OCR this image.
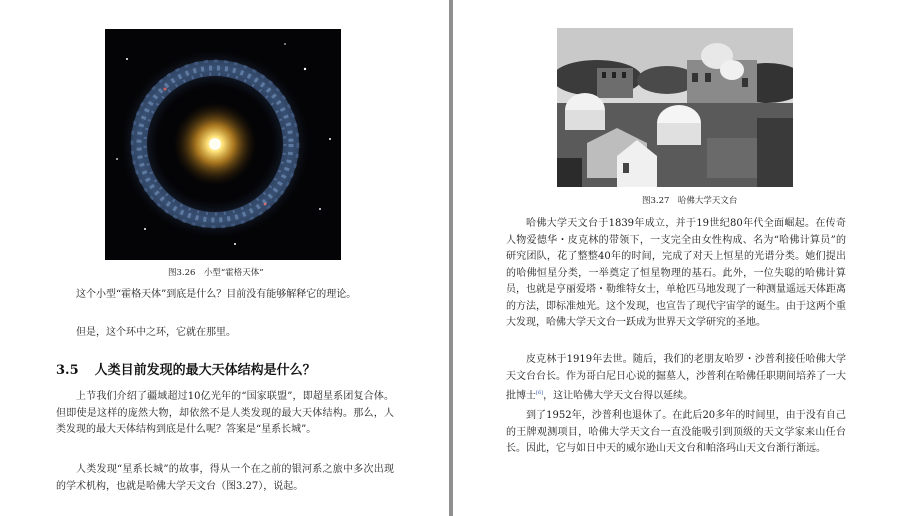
图3.26　小型“霍格天体”

这个小型“霍格天体”到底是什么？目前没有能够解释它的理论。

但是，这个环中之环，它就在那里。

3.5 人类目前发现的最大天体结构是什么？

上节我们介绍了疆域超过10亿光年的“国家联盟”，即超星系团复合体。但即使是这样的庞然大物，却依然不是人类发现的最大天体结构。那么，人类发现的最大天体结构到底是什么呢？答案是“星系长城”。

人类发现“星系长城”的故事，得从一个在之前的银河系之旅中多次出现的学术机构，也就是哈佛大学天文台（图3.27），说起。

图3.27　哈佛大学天文台

哈佛大学天文台于1839年成立，并于19世纪80年代全面崛起。在传奇人物爱德华・皮克林的带领下，一支完全由女性构成、名为“哈佛计算员”的研究团队，花了整整40年的时间，完成了对天上恒星的光谱分类。她们提出的哈佛恒星分类，一举奠定了恒星物理的基石。此外，一位失聪的哈佛计算员，也就是亨丽爱塔・勒维特女士，单枪匹马地发现了一种测量遥远天体距离的方法，即标准烛光。这个发现，也宣告了现代宇宙学的诞生。由于这两个重大发现，哈佛大学天文台一跃成为世界天文学研究的圣地。

皮克林于1919年去世。随后，我们的老朋友哈罗・沙普利接任哈佛大学天文台台长。作为哥白尼日心说的掘墓人，沙普利在哈佛任职期间培养了一大批博士[6]，这让哈佛大学天文台得以延续。

到了1952年，沙普利也退休了。在此后20多年的时间里，由于没有自己的王牌观测项目，哈佛大学天文台一直没能吸引到顶级的天文学家来山任台长。因此，它与如日中天的威尔逊山天文台和帕洛玛山天文台渐行渐远。
